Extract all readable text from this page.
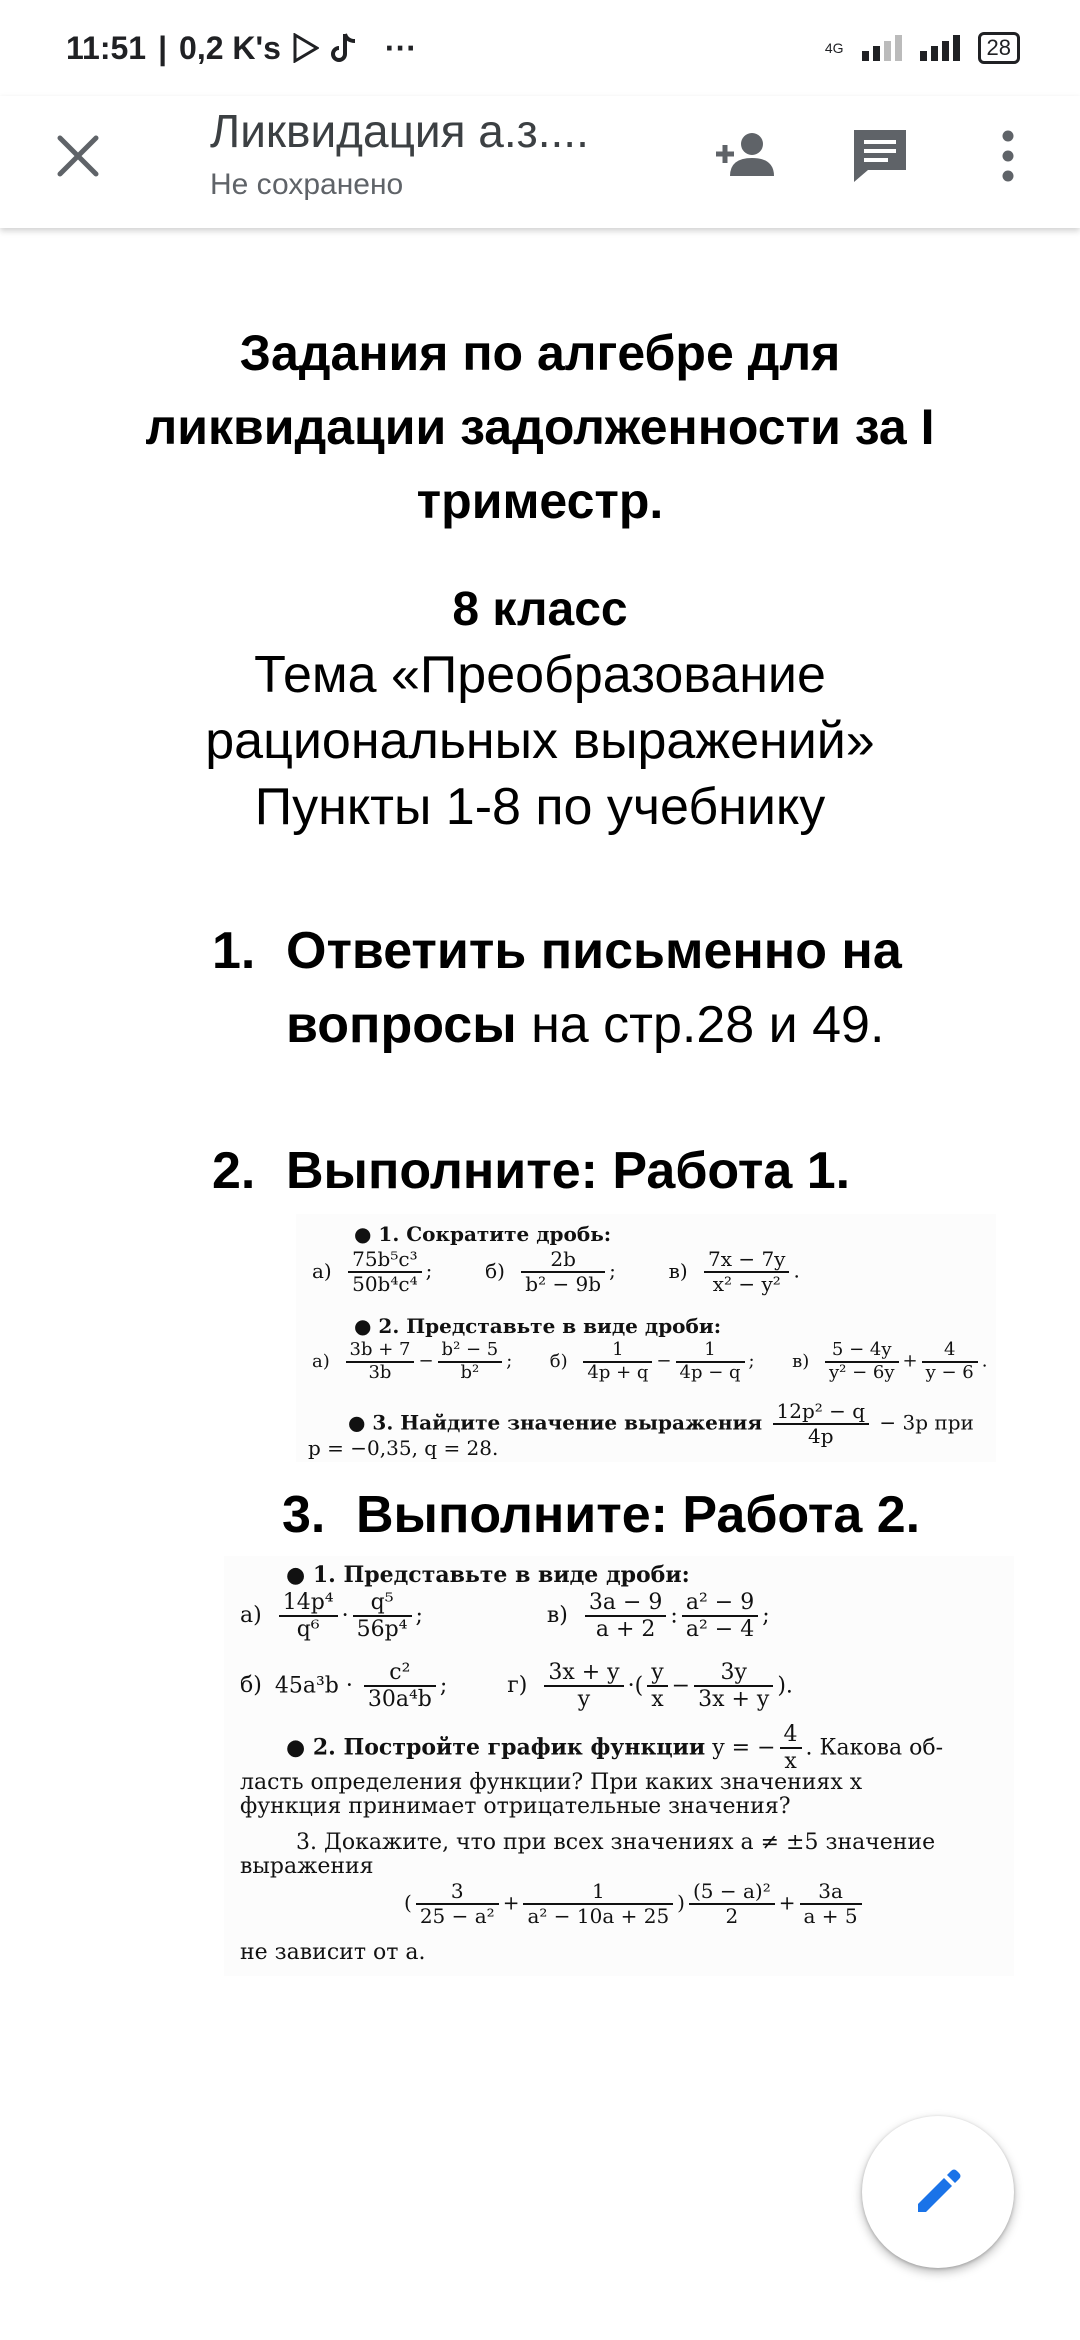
11:51 | 0,2 K's	···	4G	28
Ликвидация а.з....
Не сохранено
Задания по алгебре для
ликвидации задолженности за I
триместр.
8 класс
Тема «Преобразование
рациональных выражений»
Пункты 1-8 по учебнику
1. Ответить письменно на
вопросы на стр.28 и 49.
2. Выполните: Работа 1.
● 1. Сократите дробь:
$а) \frac{\text{75b⁵c³}}{\text{50b⁴c⁴}}$ ;  $б) \frac{2b}{\text{b² − 9b}}$ ;  $в) \frac{7x - 7y}{\text{x² − y²}}$ .
● 2. Представьте в виде дроби:
$а) \frac{3b + 7}{3b} - \frac{\text{b² − 5}}{\text{b²}}$ ;  $б) \frac{1}{4p + q} - \frac{1}{4p - q}$ ;  $в) \frac{5 - 4y}{\text{y² − 6y}} + \frac{4}{y - 6}$ .
● 3. Найдите значение выражения $\frac{\text{12p² − q}}{4p} - 3p$ при
p = −0,35, q = 28.
3. Выполните: Работа 2.
● 1. Представьте в виде дроби:
$а) \frac{\text{14p⁴}}{\text{q⁶}} \cdot \frac{\text{q⁵}}{\text{56p⁴}}$ ;	$в) \frac{3a - 9}{a + 2}$ : $\frac{\text{a² − 9}}{\text{a² − 4}}$ ;
б) $45a^3b \cdot \frac{\text{c²}}{\text{30a⁴b}}$ ;  $г) \frac{3x + y}{y}$ ·( $\frac{y}{x} - \frac{3y}{3x + y}$ ).
● 2. Постройте график функции y = − $\frac{4}{x}$ . Какова об-
ласть определения функции? При каких значениях x
функция принимает отрицательные значения?
3. Докажите, что при всех значениях a ≠ ±5 значение
выражения
( $\frac{3}{\text{25 − a²}} + \frac{1}{\text{a² − 10a + 25}}$ ) $\frac{\text{(5 − a)²}}{2} + \frac{3a}{a + 5}$
не зависит от a.
